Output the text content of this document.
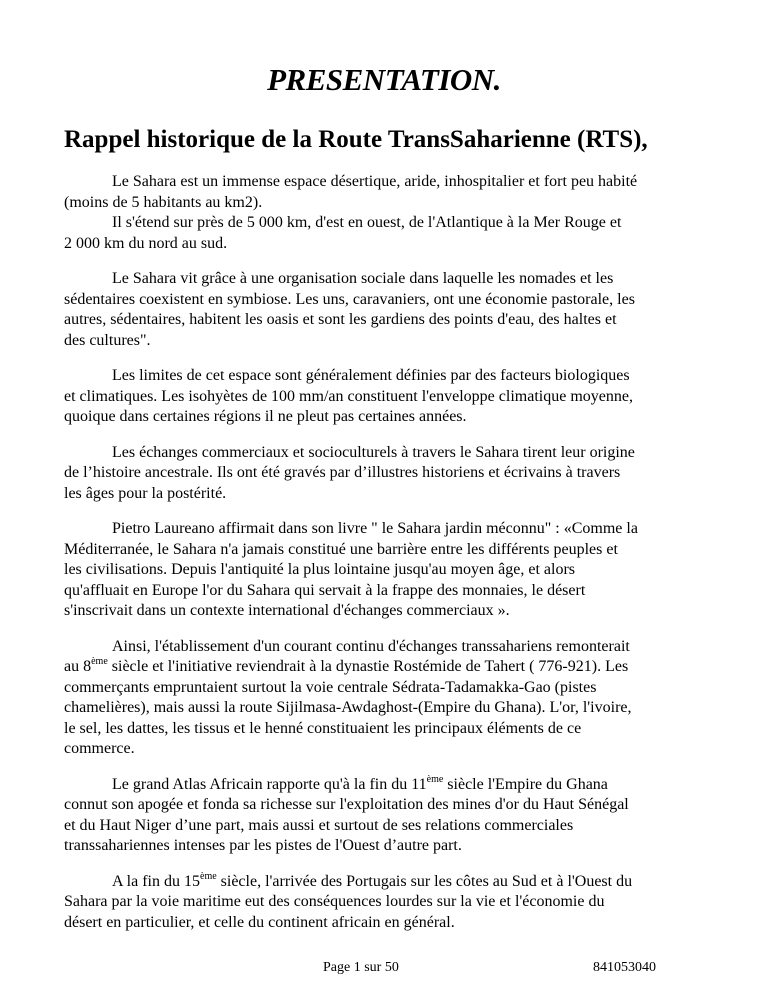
PRESENTATION.
Rappel historique de la Route TransSaharienne (RTS),

Le Sahara est un immense espace désertique, aride, inhospitalier et fort peu habité
(moins de 5 habitants au km2).

Il s'étend sur près de 5 000 km, d'est en ouest, de l'Atlantique à la Mer Rouge et
2 000 km du nord au sud.

Le Sahara vit grâce à une organisation sociale dans laquelle les nomades et les
sédentaires coexistent en symbiose. Les uns, caravaniers, ont une économie pastorale, les
autres, sédentaires, habitent les oasis et sont les gardiens des points d'eau, des haltes et
des cultures".

Les limites de cet espace sont généralement définies par des facteurs biologiques
et climatiques. Les isohyètes de 100 mm/an constituent l'enveloppe climatique moyenne,
quoique dans certaines régions il ne pleut pas certaines années.

Les échanges commerciaux et socioculturels à travers le Sahara tirent leur origine
de l’histoire ancestrale. Ils ont été gravés par d’illustres historiens et écrivains à travers
les âges pour la postérité.

Pietro Laureano affirmait dans son livre " le Sahara jardin méconnu" : «Comme la
Méditerranée, le Sahara n'a jamais constitué une barrière entre les différents peuples et
les civilisations. Depuis l'antiquité la plus lointaine jusqu'au moyen âge, et alors
qu'affluait en Europe l'or du Sahara qui servait à la frappe des monnaies, le désert
s'inscrivait dans un contexte international d'échanges commerciaux ».

Ainsi, l'établissement d'un courant continu d'échanges transsahariens remonterait
au 8ème siècle et l'initiative reviendrait à la dynastie Rostémide de Tahert ( 776-921). Les
commerçants empruntaient surtout la voie centrale Sédrata-Tadamakka-Gao (pistes
chamelières), mais aussi la route Sijilmasa-Awdaghost-(Empire du Ghana). L'or, l'ivoire,
le sel, les dattes, les tissus et le henné constituaient les principaux éléments de ce
commerce.

Le grand Atlas Africain rapporte qu'à la fin du 11ème siècle l'Empire du Ghana
connut son apogée et fonda sa richesse sur l'exploitation des mines d'or du Haut Sénégal
et du Haut Niger d’une part, mais aussi et surtout de ses relations commerciales
transsahariennes intenses par les pistes de l'Ouest d’autre part.

A la fin du 15ème siècle, l'arrivée des Portugais sur les côtes au Sud et à l'Ouest du
Sahara par la voie maritime eut des conséquences lourdes sur la vie et l'économie du
désert en particulier, et celle du continent africain en général.

Page 1 sur 50	841053040
